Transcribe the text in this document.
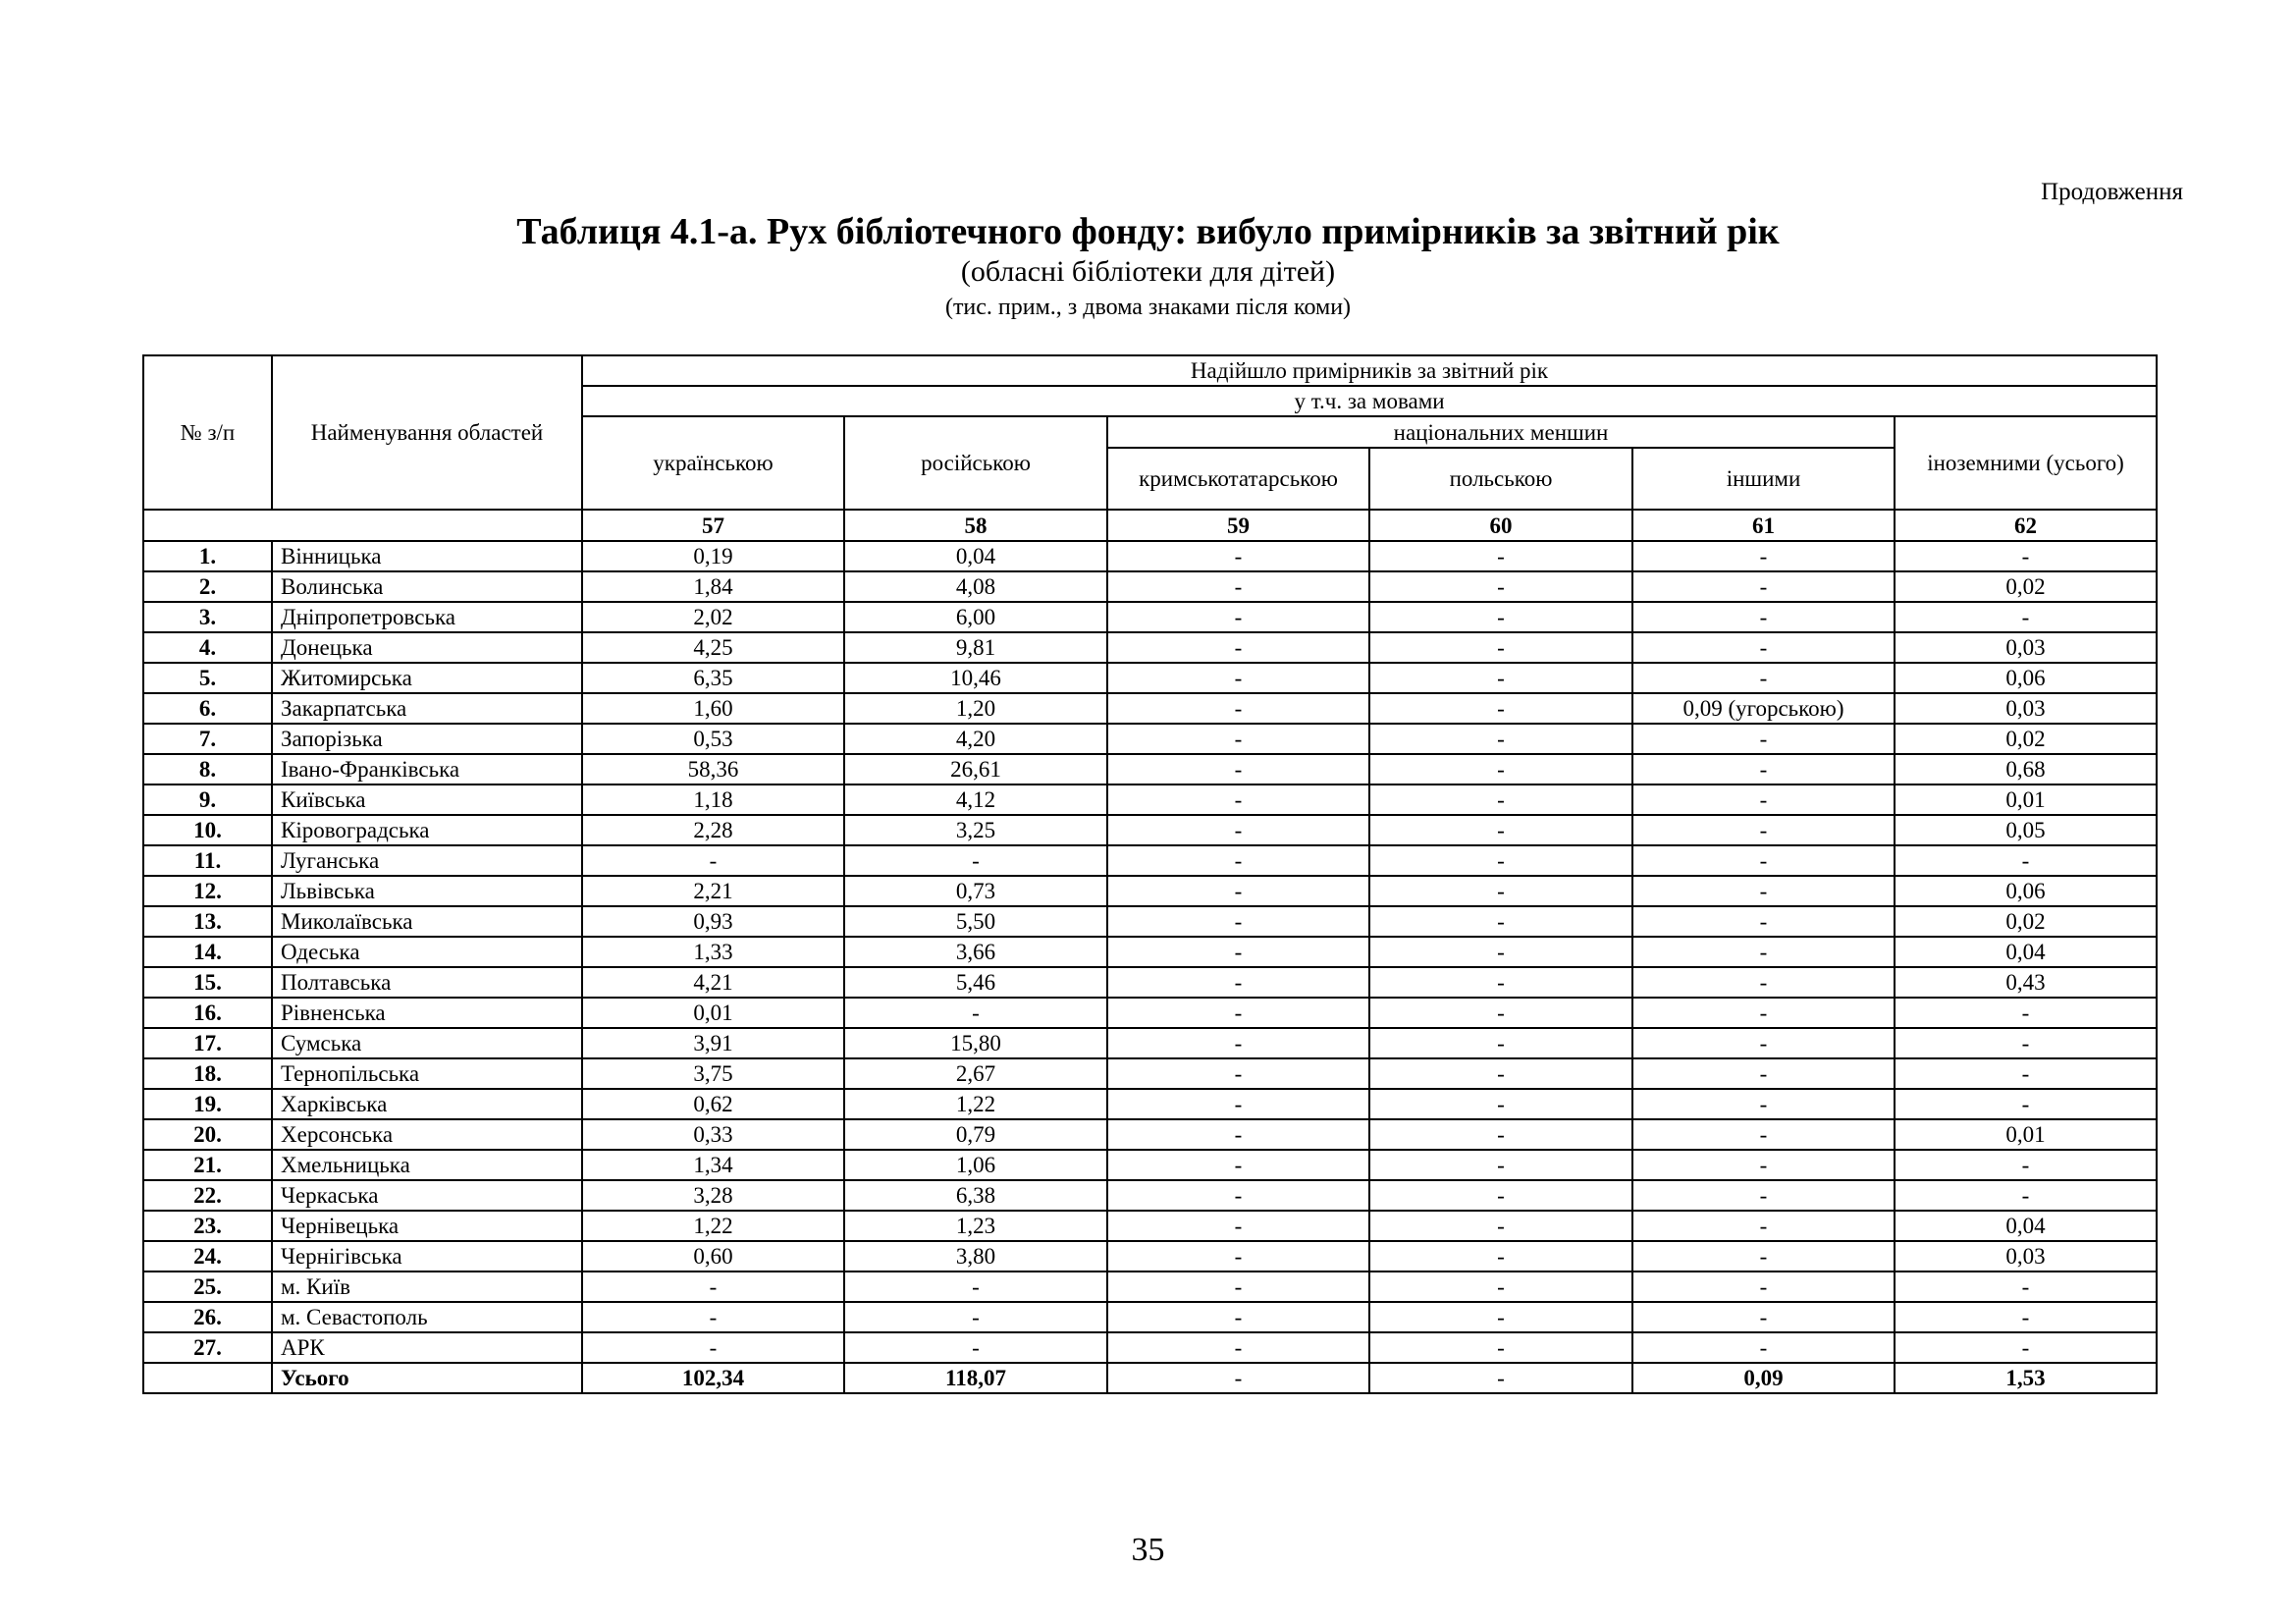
Продовження
Таблиця 4.1-а. Рух бібліотечного фонду: вибуло примірників за звітний рік
(обласні бібліотеки для дітей)
(тис. прим., з двома знаками після коми)
№ з/п	Найменування областей	Надійшло примірників за звітний рік					
		у т.ч. за мовами					
		українською	російською	національних меншин			іноземними (усього)
				кримськотатарською	польською	іншими	
		57	58	59	60	61	62
1.	Вінницька	0,19	0,04	-	-	-	-
2.	Волинська	1,84	4,08	-	-	-	0,02
3.	Дніпропетровська	2,02	6,00	-	-	-	-
4.	Донецька	4,25	9,81	-	-	-	0,03
5.	Житомирська	6,35	10,46	-	-	-	0,06
6.	Закарпатська	1,60	1,20	-	-	0,09 (угорською)	0,03
7.	Запорізька	0,53	4,20	-	-	-	0,02
8.	Івано-Франківська	58,36	26,61	-	-	-	0,68
9.	Київська	1,18	4,12	-	-	-	0,01
10.	Кіровоградська	2,28	3,25	-	-	-	0,05
11.	Луганська	-	-	-	-	-	-
12.	Львівська	2,21	0,73	-	-	-	0,06
13.	Миколаївська	0,93	5,50	-	-	-	0,02
14.	Одеська	1,33	3,66	-	-	-	0,04
15.	Полтавська	4,21	5,46	-	-	-	0,43
16.	Рівненська	0,01	-	-	-	-	-
17.	Сумська	3,91	15,80	-	-	-	-
18.	Тернопільська	3,75	2,67	-	-	-	-
19.	Харківська	0,62	1,22	-	-	-	-
20.	Херсонська	0,33	0,79	-	-	-	0,01
21.	Хмельницька	1,34	1,06	-	-	-	-
22.	Черкаська	3,28	6,38	-	-	-	-
23.	Чернівецька	1,22	1,23	-	-	-	0,04
24.	Чернігівська	0,60	3,80	-	-	-	0,03
25.	м. Київ	-	-	-	-	-	-
26.	м. Севастополь	-	-	-	-	-	-
27.	АРК	-	-	-	-	-	-
	Усього	102,34	118,07	-	-	0,09	1,53
35
